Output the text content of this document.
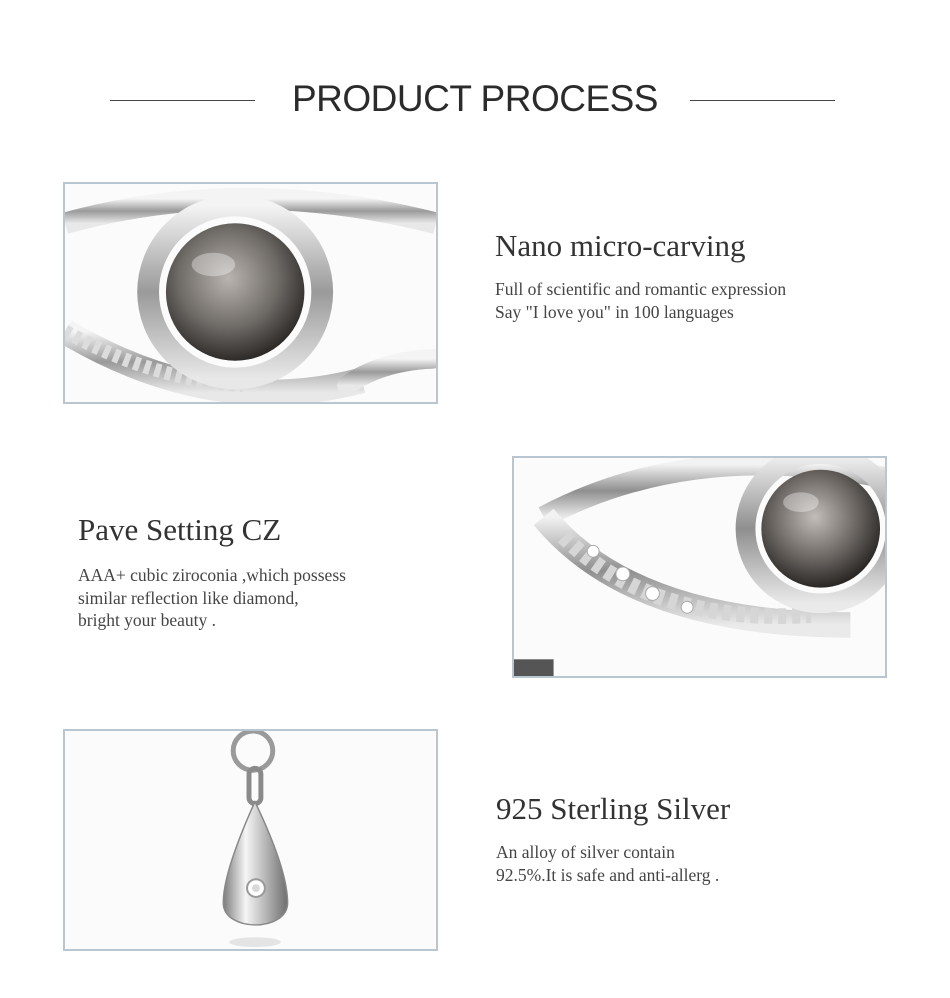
PRODUCT PROCESS
Nano micro-carving

Full of scientific and romantic expression
Say "I love you" in 100 languages

Pave Setting CZ

AAA+ cubic ziroconia ,which possess
similar reflection like diamond,
bright your beauty .

925 Sterling Silver

An alloy of silver contain
92.5%.It is safe and anti-allerg .
